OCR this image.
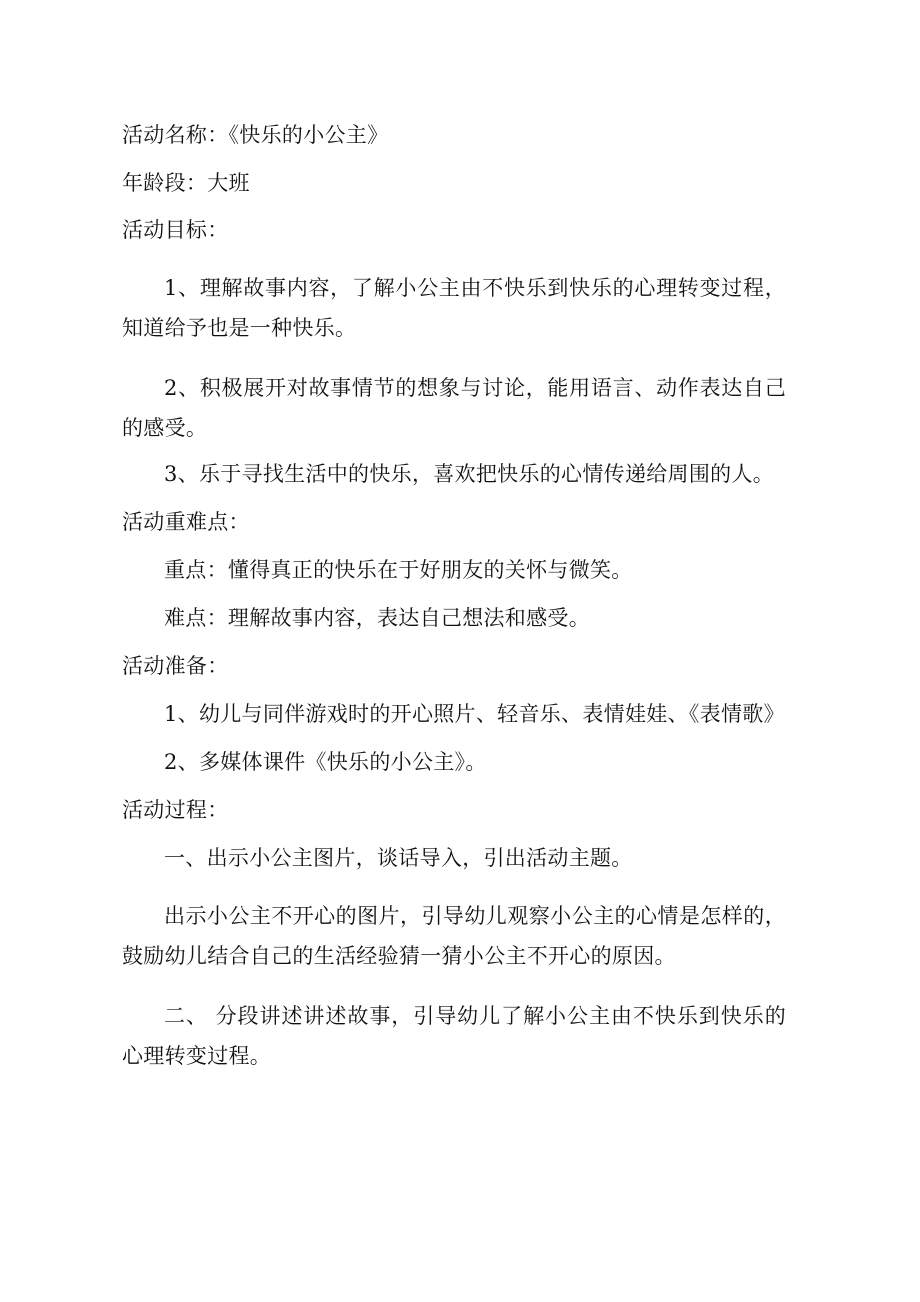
活动名称：《快乐的小公主》
年龄段：大班
活动目标：
1、理解故事内容，了解小公主由不快乐到快乐的心理转变过程，知道给予也是一种快乐。
2、积极展开对故事情节的想象与讨论，能用语言、动作表达自己的感受。
3、乐于寻找生活中的快乐，喜欢把快乐的心情传递给周围的人。
活动重难点：
重点：懂得真正的快乐在于好朋友的关怀与微笑。
难点：理解故事内容，表达自己想法和感受。
活动准备：
1、幼儿与同伴游戏时的开心照片、轻音乐、表情娃娃、《表情歌》
2、多媒体课件《快乐的小公主》。
活动过程：
一、出示小公主图片，谈话导入，引出活动主题。
出示小公主不开心的图片，引导幼儿观察小公主的心情是怎样的，鼓励幼儿结合自己的生活经验猜一猜小公主不开心的原因。
二、 分段讲述讲述故事，引导幼儿了解小公主由不快乐到快乐的心理转变过程。
